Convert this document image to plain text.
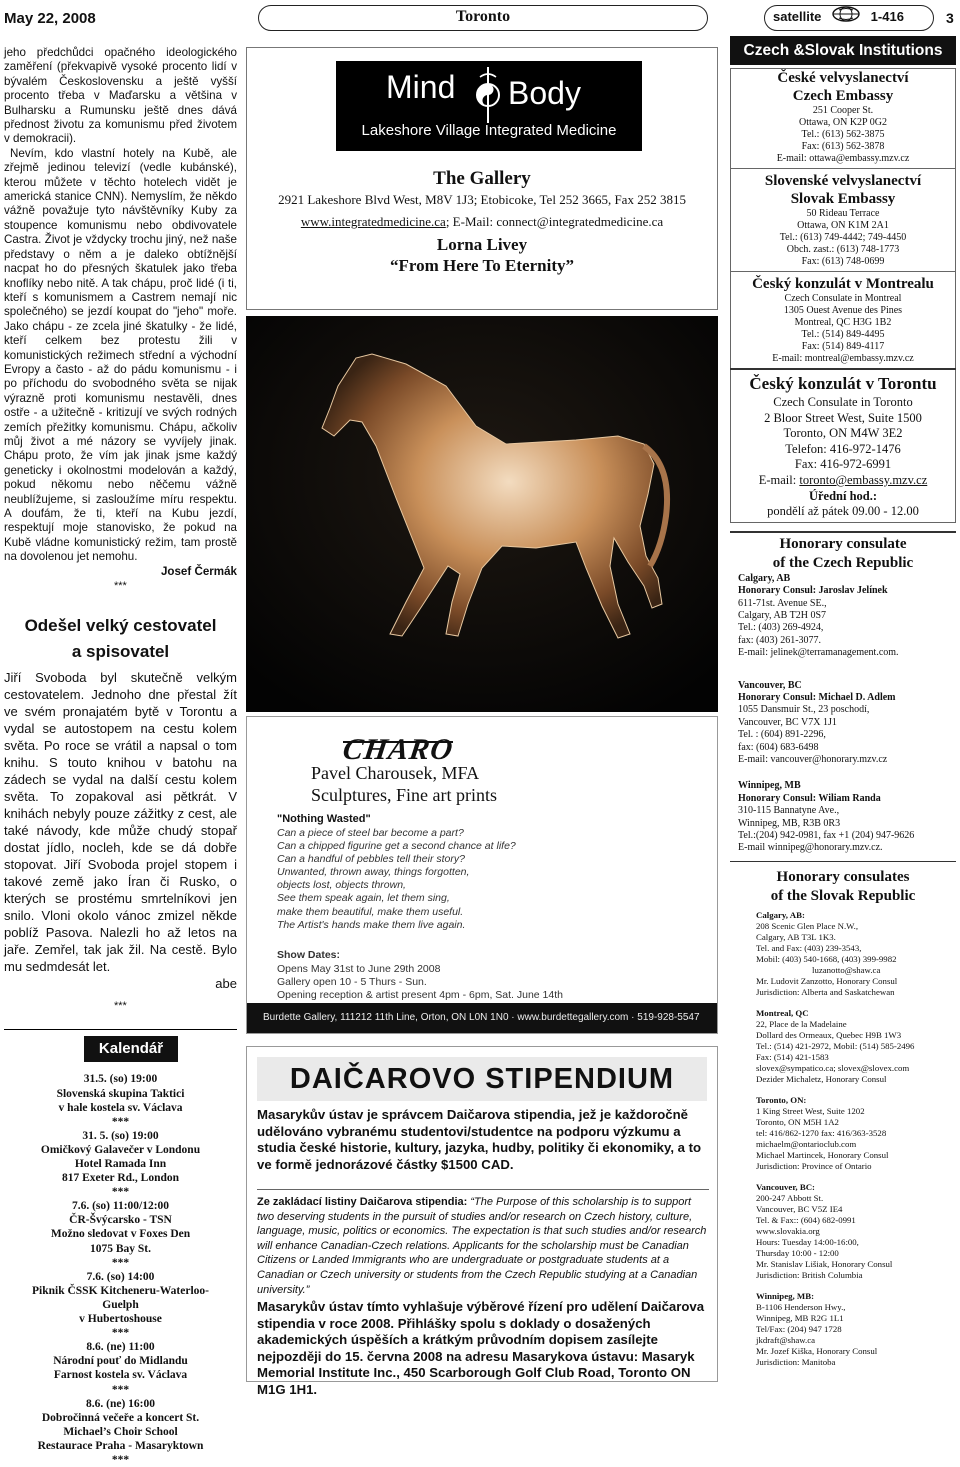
May 22, 2008	Toronto	satellite	1-416	3

jeho předchůdci opačného ideologického zaměření (překvapivě vysoké procento lidí v bývalém Československu a ještě vyšší procento třeba v Maďarsku a většina v Bulharsku a Rumunsku ještě dnes dává přednost životu za komunismu před životem v demokracii).

Nevím, kdo vlastní hotely na Kubě, ale zřejmě jedinou televizí (vedle kubánské), kterou můžete v těchto hotelech vidět je americká stanice CNN). Nemyslím, že někdo vážně považuje tyto návštěvníky Kuby za stoupence komunismu nebo obdivovatele Castra. Život je vždycky trochu jiný, než naše představy o něm a je daleko obtížnější nacpat ho do přesných škatulek jako třeba knoflíky nebo nitě. A tak chápu, proč lidé (i ti, kteří s komunismem a Castrem nemají nic společného) se jezdí koupat do "jeho" moře. Jako chápu - ze zcela jiné škatulky - že lidé, kteří celkem bez protestu žili v komunistických režimech střední a východní Evropy a často - až do pádu komunismu - i po příchodu do svobodného světa se nijak výrazně proti komunismu nestavěli, dnes ostře - a užitečně - kritizují ve svých rodných zemích přežitky komunismu. Chápu, ačkoliv můj život a mé názory se vyvíjely jinak. Chápu proto, že vím jak jinak jsme každý geneticky i okolnostmi modelován a každý, pokud někomu nebo něčemu vážně neublížujeme, si zasloužíme míru respektu. A doufám, že ti, kteří na Kubu jezdí, respektují moje stanovisko, že pokud na Kubě vládne komunistický režim, tam prostě na dovolenou jet nemohu.

Josef Čermák

***

Odešel velký cestovatel
a spisovatel

Jiří Svoboda byl skutečně velkým cestovatelem. Jednoho dne přestal žít ve svém pronajatém bytě v Torontu a vydal se autostopem na cestu kolem světa. Po roce se vrátil a napsal o tom knihu. S touto knihou v batohu na zádech se vydal na další cestu kolem světa. To zopakoval asi pětkrát. V knihách nebyly pouze zážitky z cest, ale také návody, kde může chudý stopař dostat jídlo, nocleh, kde se dá dobře stopovat. Jiří Svoboda projel stopem i takové země jako Íran či Rusko, o kterých se prostému smrtelníkovi jen snilo. Vloni okolo vánoc zmizel někde poblíž Pasova. Nalezli ho až letos na jaře. Zemřel, tak jak žil. Na cestě. Bylo mu sedmdesát let.

abe

***

Kalendář
31.5. (so) 19:00
Slovenská skupina Taktici
v hale kostela sv. Václava
***
31. 5. (so) 19:00
Omičkový Galavečer v Londonu
Hotel Ramada Inn
817 Exeter Rd., London
***
7.6. (so) 11:00/12:00
ČR-Švýcarsko - TSN
Možno sledovat v Foxes Den
1075 Bay St.
***
7.6. (so) 14:00
Piknik ČSSK Kitcheneru-Waterloo-
Guelph
v Hubertoshouse
***
8.6. (ne) 11:00
Národní pouť do Midlandu
Farnost kostela sv. Václava
***
8.6. (ne) 16:00
Dobročinná večeře a koncert St.
Michael’s Choir School
Restaurace Praha - Masaryktown
***
Mind Body
Lakeshore Village Integrated Medicine
The Gallery
2921 Lakeshore Blvd West, M8V 1J3; Etobicoke, Tel 252 3665, Fax 252 3815
www.integratedmedicine.ca; E-Mail: connect@integratedmedicine.ca
Lorna Livey
“From Here To Eternity”
CHARO
Pavel Charousek, MFA
Sculptures, Fine art prints
"Nothing Wasted"
Can a piece of steel bar become a part?
Can a chipped figurine get a second chance at life?
Can a handful of pebbles tell their story?
Unwanted, thrown away, things forgotten,
objects lost, objects thrown,
See them speak again, let them sing,
make them beautiful, make them useful.
The Artist's hands make them live again.
Show Dates:
Opens May 31st to June 29th 2008
Gallery open 10 - 5 Thurs - Sun.
Opening reception & artist present 4pm - 6pm, Sat. June 14th
Burdette Gallery, 111212 11th Line, Orton, ON L0N 1N0 · www.burdettegallery.com · 519-928-5547
DAIČAROVO STIPENDIUM
Masarykův ústav je správcem Daičarova stipendia, jež je každoročně udělováno vybranému studentovi/studentce na podporu výzkumu a studia české historie, kultury, jazyka, hudby, politiky či ekonomiky, a to ve formě jednorázové částky $1500 CAD.
Ze zakládací listiny Daičarova stipendia: “The Purpose of this scholarship is to support two deserving students in the pursuit of studies and/or research on Czech history, culture, language, music, politics or economics. The expectation is that such studies and/or research will enhance Canadian-Czech relations. Applicants for the scholarship must be Canadian Citizens or Landed Immigrants who are undergraduate or postgraduate students at a Canadian or Czech university or students from the Czech Republic studying at a Canadian university.”
Masarykův ústav tímto vyhlašuje výběrové řízení pro udělení Daičarova stipendia v roce 2008. Přihlášky spolu s doklady o dosažených akademických úspěších a krátkým průvodním dopisem zasílejte nejpozději do 15. června 2008 na adresu Masarykova ústavu: Masaryk Memorial Institute Inc., 450 Scarborough Golf Club Road, Toronto ON M1G 1H1.
Czech &Slovak Institutions
České velvyslanectví
Czech Embassy
251 Cooper St.
Ottawa, ON K2P 0G2
Tel.: (613) 562-3875
Fax: (613) 562-3878
E-mail: ottawa@embassy.mzv.cz
Slovenské velvyslanectví
Slovak Embassy
50 Rideau Terrace
Ottawa, ON K1M 2A1
Tel.: (613) 749-4442; 749-4450
Obch. zast.: (613) 748-1773
Fax: (613) 748-0699
Český konzulát v Montrealu
Czech Consulate in Montreal
1305 Ouest Avenue des Pines
Montreal, QC H3G 1B2
Tel.: (514) 849-4495
Fax: (514) 849-4117
E-mail: montreal@embassy.mzv.cz
Český konzulát v Torontu
Czech Consulate in Toronto
2 Bloor Street West, Suite 1500
Toronto, ON M4W 3E2
Telefon: 416-972-1476
Fax: 416-972-6991
E-mail: toronto@embassy.mzv.cz
Úřední hod.:
pondělí až pátek 09.00 - 12.00
Honorary consulate
of the Czech Republic
Calgary, AB
Honorary Consul: Jaroslav Jelínek
611-71st. Avenue SE.,
Calgary, AB T2H 0S7
Tel.: (403) 269-4924,
fax: (403) 261-3077.
E-mail: jelinek@terramanagement.com.
Vancouver, BC
Honorary Consul: Michael D. Adlem
1055 Dansmuir St., 23 poschodí,
Vancouver, BC V7X 1J1
Tel. : (604) 891-2296,
fax: (604) 683-6498
E-mail: vancouver@honorary.mzv.cz
Winnipeg, MB
Honorary Consul: Wiliam Randa
310-115 Bannatyne Ave.,
Winnipeg, MB, R3B 0R3
Tel.:(204) 942-0981, fax +1 (204) 947-9626
E-mail winnipeg@honorary.mzv.cz.
Honorary consulates
of the Slovak Republic
Calgary, AB:
208 Scenic Glen Place N.W.,
Calgary, AB T3L 1K3.
Tel. and Fax: (403) 239-3543,
Mobil: (403) 540-1668, (403) 399-9982
luzanotto@shaw.ca
Mr. Ludovit Zanzotto, Honorary Consul
Jurisdiction: Alberta and Saskatchewan
Montreal, QC
22, Place de la Madelaine
Dollard des Ormeaux, Quebec H9B 1W3
Tel.: (514) 421-2972, Mobil: (514) 585-2496
Fax: (514) 421-1583
slovex@sympatico.ca; slovex@slovex.com
Dezider Michaletz, Honorary Consul
Toronto, ON:
1 King Street West, Suite 1202
Toronto, ON M5H 1A2
tel: 416/862-1270 fax: 416/363-3528
michaelm@ontarioclub.com
Michael Martincek, Honorary Consul
Jurisdiction: Province of Ontario
Vancouver, BC:
200-247 Abbott St.
Vancouver, BC V5Z IE4
Tel. & Fax:: (604) 682-0991
www.slovakia.org
Hours: Tuesday 14:00-16:00,
Thursday 10:00 - 12:00
Mr. Stanislav Lišiak, Honorary Consul
Jurisdiction: British Columbia
Winnipeg, MB:
B-1106 Henderson Hwy.,
Winnipeg, MB R2G 1L1
Tel/Fax: (204) 947 1728
jkdraft@shaw.ca
Mr. Jozef Kiška, Honorary Consul
Jurisdiction: Manitoba
